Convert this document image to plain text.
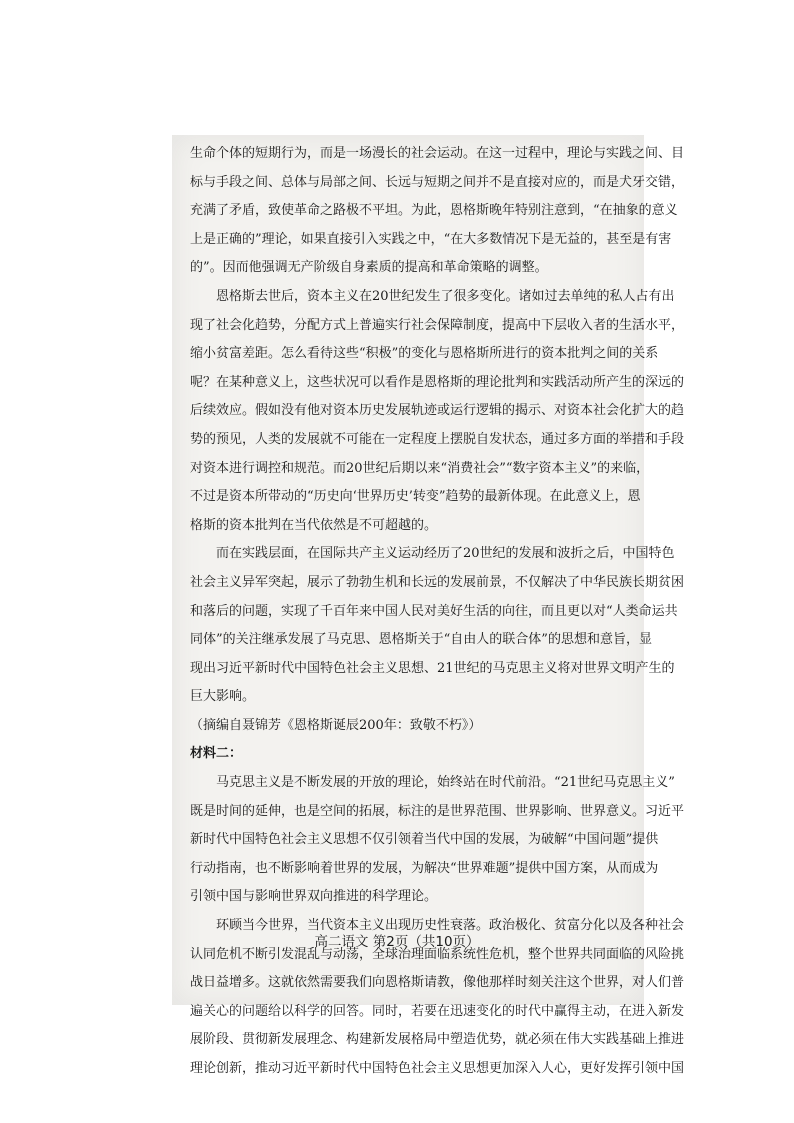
生命个体的短期行为，而是一场漫长的社会运动。在这一过程中，理论与实践之间、目
标与手段之间、总体与局部之间、长远与短期之间并不是直接对应的，而是犬牙交错，
充满了矛盾，致使革命之路极不平坦。为此，恩格斯晚年特别注意到，“在抽象的意义
上是正确的”理论，如果直接引入实践之中，“在大多数情况下是无益的，甚至是有害
的”。因而他强调无产阶级自身素质的提高和革命策略的调整。
恩格斯去世后，资本主义在20世纪发生了很多变化。诸如过去单纯的私人占有出
现了社会化趋势，分配方式上普遍实行社会保障制度，提高中下层收入者的生活水平，
缩小贫富差距。怎么看待这些“积极”的变化与恩格斯所进行的资本批判之间的关系
呢？在某种意义上，这些状况可以看作是恩格斯的理论批判和实践活动所产生的深远的
后续效应。假如没有他对资本历史发展轨迹或运行逻辑的揭示、对资本社会化扩大的趋
势的预见，人类的发展就不可能在一定程度上摆脱自发状态，通过多方面的举措和手段
对资本进行调控和规范。而20世纪后期以来“消费社会”“数字资本主义”的来临，
不过是资本所带动的“历史向‘世界历史’转变”趋势的最新体现。在此意义上，恩
格斯的资本批判在当代依然是不可超越的。
而在实践层面，在国际共产主义运动经历了20世纪的发展和波折之后，中国特色
社会主义异军突起，展示了勃勃生机和长远的发展前景，不仅解决了中华民族长期贫困
和落后的问题，实现了千百年来中国人民对美好生活的向往，而且更以对“人类命运共
同体”的关注继承发展了马克思、恩格斯关于“自由人的联合体”的思想和意旨，显
现出习近平新时代中国特色社会主义思想、21世纪的马克思主义将对世界文明产生的
巨大影响。
（摘编自聂锦芳《恩格斯诞辰200年：致敬不朽》）
材料二：
马克思主义是不断发展的开放的理论，始终站在时代前沿。“21世纪马克思主义”
既是时间的延伸，也是空间的拓展，标注的是世界范围、世界影响、世界意义。习近平
新时代中国特色社会主义思想不仅引领着当代中国的发展，为破解“中国问题”提供
行动指南，也不断影响着世界的发展，为解决“世界难题”提供中国方案，从而成为
引领中国与影响世界双向推进的科学理论。
环顾当今世界，当代资本主义出现历史性衰落。政治极化、贫富分化以及各种社会
认同危机不断引发混乱与动荡，全球治理面临系统性危机，整个世界共同面临的风险挑
战日益增多。这就依然需要我们向恩格斯请教，像他那样时刻关注这个世界，对人们普
遍关心的问题给以科学的回答。同时，若要在迅速变化的时代中赢得主动，在进入新发
展阶段、贯彻新发展理念、构建新发展格局中塑造优势，就必须在伟大实践基础上推进
理论创新，推动习近平新时代中国特色社会主义思想更加深入人心，更好发挥引领中国
高二语文 第2页（共10页）
